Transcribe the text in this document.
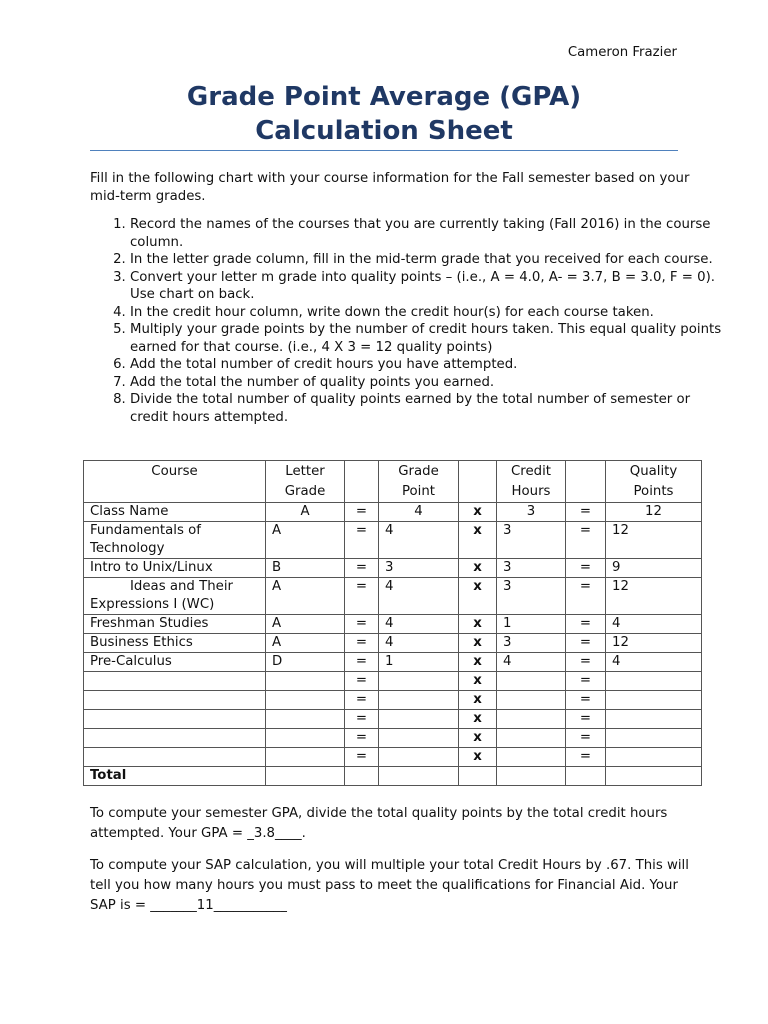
Cameron Frazier
Grade Point Average (GPA)
Calculation Sheet
Fill in the following chart with your course information for the Fall semester based on your mid-term grades.
1. Record the names of the courses that you are currently taking (Fall 2016) in the course column.
2. In the letter grade column, fill in the mid-term grade that you received for each course.
3. Convert your letter m grade into quality points – (i.e., A = 4.0, A- = 3.7, B = 3.0, F = 0). Use chart on back.
4. In the credit hour column, write down the credit hour(s) for each course taken.
5. Multiply your grade points by the number of credit hours taken. This equal quality points earned for that course. (i.e., 4 X 3 = 12 quality points)
6. Add the total number of credit hours you have attempted.
7. Add the total the number of quality points you earned.
8. Divide the total number of quality points earned by the total number of semester or credit hours attempted.
Course	Letter Grade		Grade Point		Credit Hours		Quality Points
Class Name	A	=	4	x	3	=	12
Fundamentals of Technology	A	=	4	x	3	=	12
Intro to Unix/Linux	B	=	3	x	3	=	9
Ideas and Their Expressions I (WC)	A	=	4	x	3	=	12
Freshman Studies	A	=	4	x	1	=	4
Business Ethics	A	=	4	x	3	=	12
Pre-Calculus	D	=	1	x	4	=	4
		=		x		=	
		=		x		=	
		=		x		=	
		=		x		=	
		=		x		=	
Total							
To compute your semester GPA, divide the total quality points by the total credit hours attempted. Your GPA = _3.8____.
To compute your SAP calculation, you will multiple your total Credit Hours by .67. This will tell you how many hours you must pass to meet the qualifications for Financial Aid. Your SAP is = _______11___________
